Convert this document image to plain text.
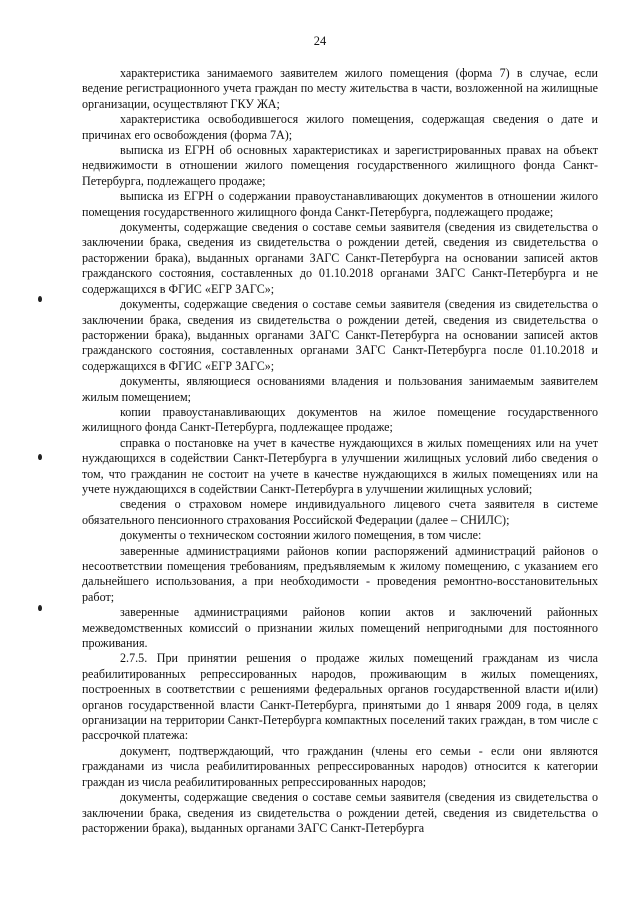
24

характеристика занимаемого заявителем жилого помещения (форма 7) в случае, если ведение регистрационного учета граждан по месту жительства в части, возложенной на жилищные организации, осуществляют ГКУ ЖА;

характеристика освободившегося жилого помещения, содержащая сведения о дате и причинах его освобождения (форма 7А);

выписка из ЕГРН об основных характеристиках и зарегистрированных правах на объект недвижимости в отношении жилого помещения государственного жилищного фонда Санкт-Петербурга, подлежащего продаже;

выписка из ЕГРН о содержании правоустанавливающих документов в отношении жилого помещения государственного жилищного фонда Санкт-Петербурга, подлежащего продаже;

документы, содержащие сведения о составе семьи заявителя (сведения из свидетельства о заключении брака, сведения из свидетельства о рождении детей, сведения из свидетельства о расторжении брака), выданных органами ЗАГС Санкт-Петербурга на основании записей актов гражданского состояния, составленных до 01.10.2018 органами ЗАГС Санкт-Петербурга и не содержащихся в ФГИС «ЕГР ЗАГС»;

документы, содержащие сведения о составе семьи заявителя (сведения из свидетельства о заключении брака, сведения из свидетельства о рождении детей, сведения из свидетельства о расторжении брака), выданных органами ЗАГС Санкт-Петербурга на основании записей актов гражданского состояния, составленных органами ЗАГС Санкт-Петербурга после 01.10.2018 и содержащихся в ФГИС «ЕГР ЗАГС»;

документы, являющиеся основаниями владения и пользования занимаемым заявителем жилым помещением;

копии правоустанавливающих документов на жилое помещение государственного жилищного фонда Санкт-Петербурга, подлежащее продаже;

справка о постановке на учет в качестве нуждающихся в жилых помещениях или на учет нуждающихся в содействии Санкт-Петербурга в улучшении жилищных условий либо сведения о том, что гражданин не состоит на учете в качестве нуждающихся в жилых помещениях или на учете нуждающихся в содействии Санкт-Петербурга в улучшении жилищных условий;

сведения о страховом номере индивидуального лицевого счета заявителя в системе обязательного пенсионного страхования Российской Федерации (далее – СНИЛС);

документы о техническом состоянии жилого помещения, в том числе:

заверенные администрациями районов копии распоряжений администраций районов о несоответствии помещения требованиям, предъявляемым к жилому помещению, с указанием его дальнейшего использования, а при необходимости - проведения ремонтно-восстановительных работ;

заверенные администрациями районов копии актов и заключений районных межведомственных комиссий о признании жилых помещений непригодными для постоянного проживания.

2.7.5. При принятии решения о продаже жилых помещений гражданам из числа реабилитированных репрессированных народов, проживающим в жилых помещениях, построенных в соответствии с решениями федеральных органов государственной власти и(или) органов государственной власти Санкт-Петербурга, принятыми до 1 января 2009 года, в целях организации на территории Санкт-Петербурга компактных поселений таких граждан, в том числе с рассрочкой платежа:

документ, подтверждающий, что гражданин (члены его семьи - если они являются гражданами из числа реабилитированных репрессированных народов) относится к категории граждан из числа реабилитированных репрессированных народов;

документы, содержащие сведения о составе семьи заявителя (сведения из свидетельства о заключении брака, сведения из свидетельства о рождении детей, сведения из свидетельства о расторжении брака), выданных органами ЗАГС Санкт-Петербурга
